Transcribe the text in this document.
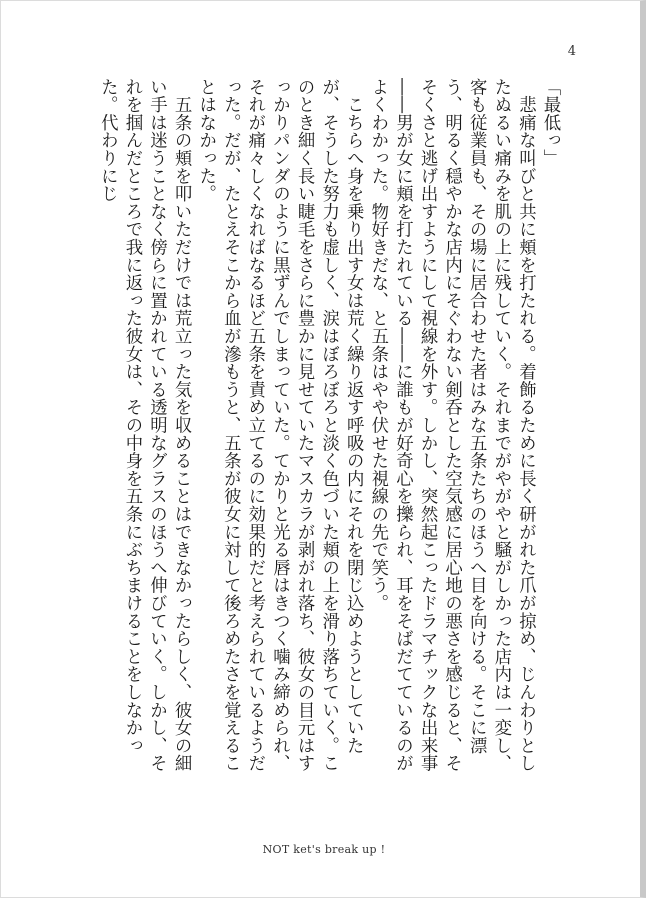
4

「最低っ」

　悲痛な叫びと共に頬を打たれる。着飾るために長く研がれた爪が掠め、じんわりとしたぬるい痛みを肌の上に残していく。それまでがやがやと騒がしかった店内は一変し、客も従業員も、その場に居合わせた者はみな五条たちのほうへ目を向ける。そこに漂う、明るく穏やかな店内にそぐわない剣呑とした空気感に居心地の悪さを感じると、そそくさと逃げ出すようにして視線を外す。しかし、突然起こったドラマチックな出来事――男が女に頬を打たれている――に誰もが好奇心を擽られ、耳をそばだてているのがよくわかった。物好きだな、と五条はやや伏せた視線の先で笑う。

　こちらへ身を乗り出す女は荒く繰り返す呼吸の内にそれを閉じ込めようとしていたが、そうした努力も虚しく、涙はぼろぼろと淡く色づいた頬の上を滑り落ちていく。このとき細く長い睫毛をさらに豊かに見せていたマスカラが剥がれ落ち、彼女の目元はすっかりパンダのように黒ずんでしまっていた。てかりと光る唇はきつく噛み締められ、それが痛々しくなればなるほど五条を責め立てるのに効果的だと考えられているようだった。だが、たとえそこから血が滲もうと、五条が彼女に対して後ろめたさを覚えることはなかった。

　五条の頬を叩いただけでは荒立った気を収めることはできなかったらしく、彼女の細い手は迷うことなく傍らに置かれている透明なグラスのほうへ伸びていく。しかし、それを掴んだところで我に返った彼女は、その中身を五条にぶちまけることをしなかった。代わりにじ

NOT ket's break up !
